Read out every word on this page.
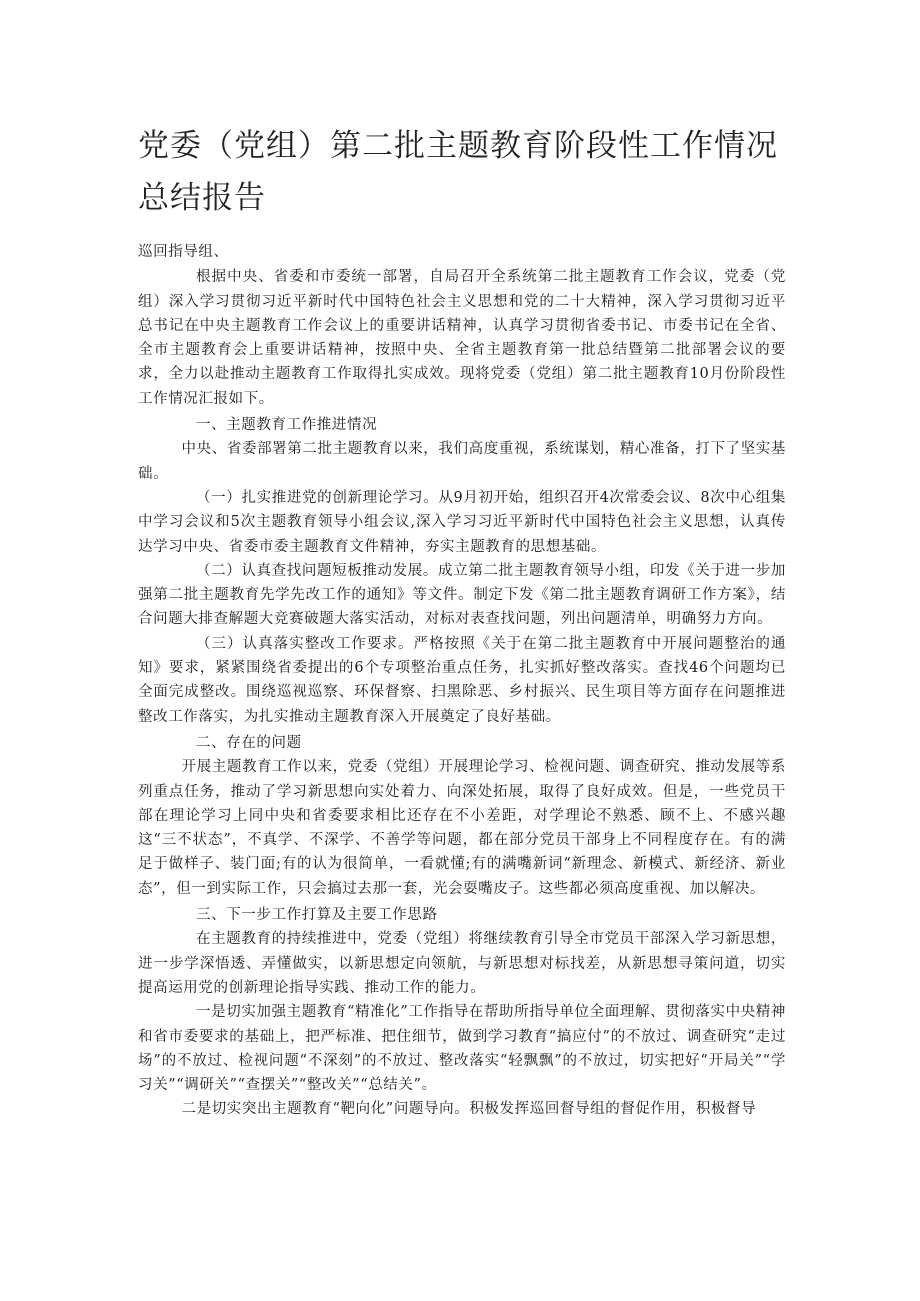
党委（党组）第二批主题教育阶段性工作情况总结报告

巡回指导组、

根据中央、省委和市委统一部署，自局召开全系统第二批主题教育工作会议，党委（党组）深入学习贯彻习近平新时代中国特色社会主义思想和党的二十大精神，深入学习贯彻习近平总书记在中央主题教育工作会议上的重要讲话精神，认真学习贯彻省委书记、市委书记在全省、全市主题教育会上重要讲话精神，按照中央、全省主题教育第一批总结暨第二批部署会议的要求，全力以赴推动主题教育工作取得扎实成效。现将党委（党组）第二批主题教育10月份阶段性工作情况汇报如下。

一、主题教育工作推进情况

中央、省委部署第二批主题教育以来，我们高度重视，系统谋划，精心准备，打下了坚实基础。

（一）扎实推进党的创新理论学习。从9月初开始，组织召开4次常委会议、8次中心组集中学习会议和5次主题教育领导小组会议,深入学习习近平新时代中国特色社会主义思想，认真传达学习中央、省委市委主题教育文件精神，夯实主题教育的思想基础。

（二）认真查找问题短板推动发展。成立第二批主题教育领导小组，印发《关于进一步加强第二批主题教育先学先改工作的通知》等文件。制定下发《第二批主题教育调研工作方案》，结合问题大排查解题大竞赛破题大落实活动，对标对表查找问题，列出问题清单，明确努力方向。

（三）认真落实整改工作要求。严格按照《关于在第二批主题教育中开展问题整治的通知》要求，紧紧围绕省委提出的6个专项整治重点任务，扎实抓好整改落实。查找46个问题均已全面完成整改。围绕巡视巡察、环保督察、扫黑除恶、乡村振兴、民生项目等方面存在问题推进整改工作落实，为扎实推动主题教育深入开展奠定了良好基础。

二、存在的问题

开展主题教育工作以来，党委（党组）开展理论学习、检视问题、调查研究、推动发展等系列重点任务，推动了学习新思想向实处着力、向深处拓展，取得了良好成效。但是，一些党员干部在理论学习上同中央和省委要求相比还存在不小差距，对学理论不熟悉、顾不上、不感兴趣这“三不状态”，不真学、不深学、不善学等问题，都在部分党员干部身上不同程度存在。有的满足于做样子、装门面;有的认为很简单，一看就懂;有的满嘴新词“新理念、新模式、新经济、新业态”，但一到实际工作，只会搞过去那一套，光会耍嘴皮子。这些都必须高度重视、加以解决。

三、下一步工作打算及主要工作思路

在主题教育的持续推进中，党委（党组）将继续教育引导全市党员干部深入学习新思想，进一步学深悟透、弄懂做实，以新思想定向领航，与新思想对标找差，从新思想寻策问道，切实提高运用党的创新理论指导实践、推动工作的能力。

一是切实加强主题教育“精准化”工作指导在帮助所指导单位全面理解、贯彻落实中央精神和省市委要求的基础上，把严标准、把住细节，做到学习教育“搞应付”的不放过、调查研究“走过场”的不放过、检视问题“不深刻”的不放过、整改落实“轻飘飘”的不放过，切实把好“开局关”“学习关”“调研关”“查摆关”“整改关”“总结关”。

二是切实突出主题教育“靶向化”问题导向。积极发挥巡回督导组的督促作用，积极督导
